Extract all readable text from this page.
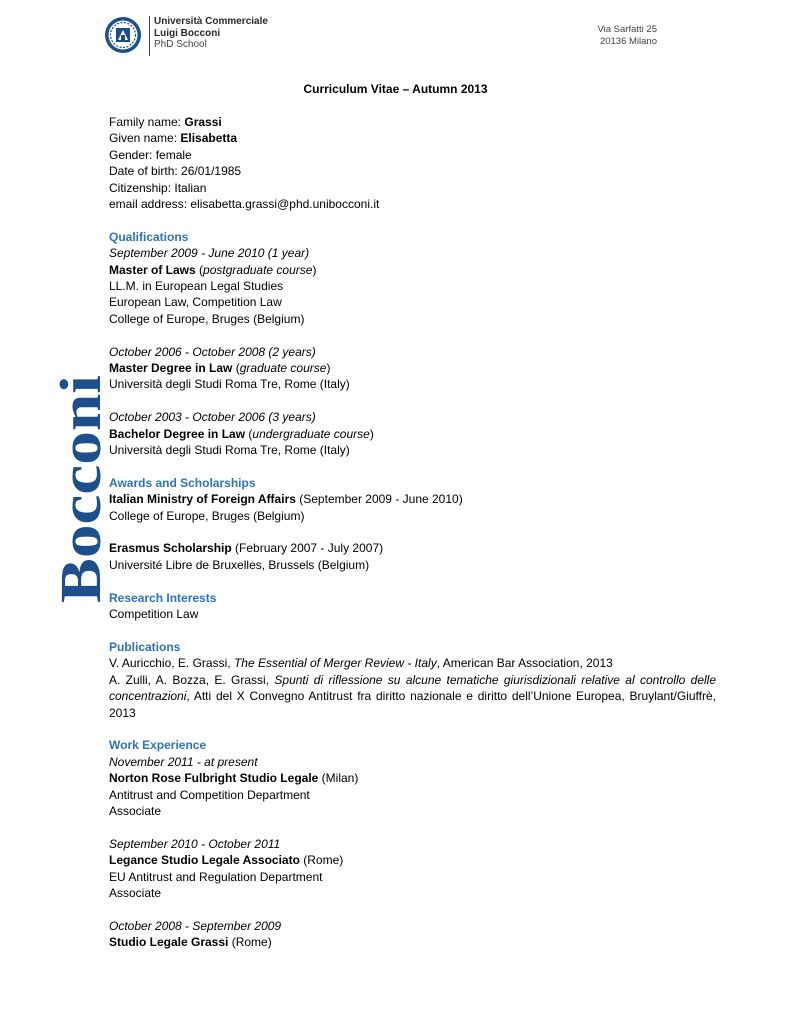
Università Commerciale
Luigi Bocconi
PhD School
Via Sarfatti 25
20136 Milano
Bocconi
Curriculum Vitae – Autumn 2013

Family name: Grassi

Given name: Elisabetta

Gender: female

Date of birth: 26/01/1985

Citizenship: Italian

email address: elisabetta.grassi@phd.unibocconi.it

Qualifications

September 2009 - June 2010 (1 year)

Master of Laws (postgraduate course)

LL.M. in European Legal Studies

European Law, Competition Law

College of Europe, Bruges (Belgium)

October 2006 - October 2008 (2 years)

Master Degree in Law (graduate course)

Università degli Studi Roma Tre, Rome (Italy)

October 2003 - October 2006 (3 years)

Bachelor Degree in Law (undergraduate course)

Università degli Studi Roma Tre, Rome (Italy)

Awards and Scholarships

Italian Ministry of Foreign Affairs (September 2009 - June 2010)

College of Europe, Bruges (Belgium)

Erasmus Scholarship (February 2007 - July 2007)

Université Libre de Bruxelles, Brussels (Belgium)

Research Interests

Competition Law

Publications

V. Auricchio, E. Grassi, The Essential of Merger Review - Italy, American Bar Association, 2013

A. Zulli, A. Bozza, E. Grassi, Spunti di riflessione su alcune tematiche giurisdizionali relative al controllo delle concentrazioni, Atti del X Convegno Antitrust fra diritto nazionale e diritto dell’Unione Europea, Bruylant/Giuffrè, 2013

Work Experience

November 2011 - at present

Norton Rose Fulbright Studio Legale (Milan)

Antitrust and Competition Department

Associate

September 2010 - October 2011

Legance Studio Legale Associato (Rome)

EU Antitrust and Regulation Department

Associate

October 2008 - September 2009

Studio Legale Grassi (Rome)
